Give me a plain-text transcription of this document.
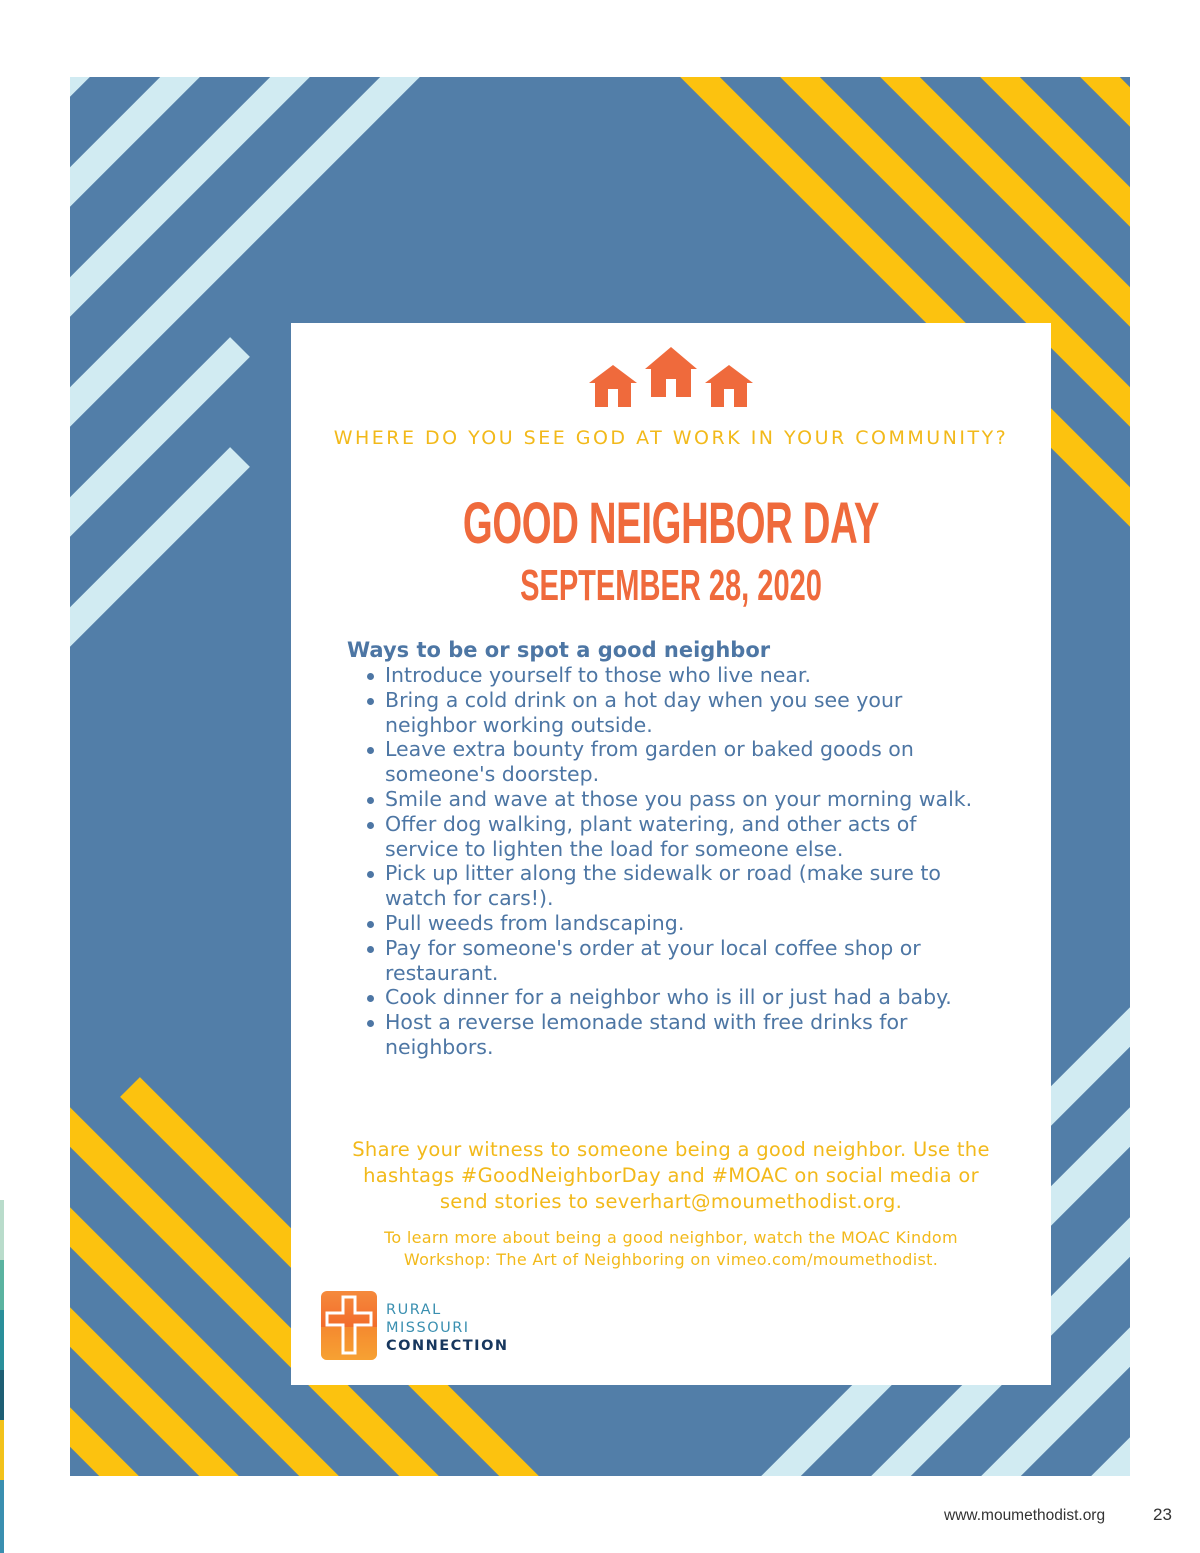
WHERE DO YOU SEE GOD AT WORK IN YOUR COMMUNITY?
GOOD NEIGHBOR DAY
SEPTEMBER 28, 2020
Ways to be or spot a good neighbor
Introduce yourself to those who live near.
Bring a cold drink on a hot day when you see your neighbor working outside.
Leave extra bounty from garden or baked goods on someone's doorstep.
Smile and wave at those you pass on your morning walk.
Offer dog walking, plant watering, and other acts of service to lighten the load for someone else.
Pick up litter along the sidewalk or road (make sure to watch for cars!).
Pull weeds from landscaping.
Pay for someone's order at your local coffee shop or restaurant.
Cook dinner for a neighbor who is ill or just had a baby.
Host a reverse lemonade stand with free drinks for neighbors.
Share your witness to someone being a good neighbor. Use the hashtags #GoodNeighborDay and #MOAC on social media or send stories to severhart@moumethodist.org.
To learn more about being a good neighbor, watch the MOAC Kindom Workshop: The Art of Neighboring on vimeo.com/moumethodist.
RURAL
MISSOURI
CONNECTION
www.moumethodist.org	23
